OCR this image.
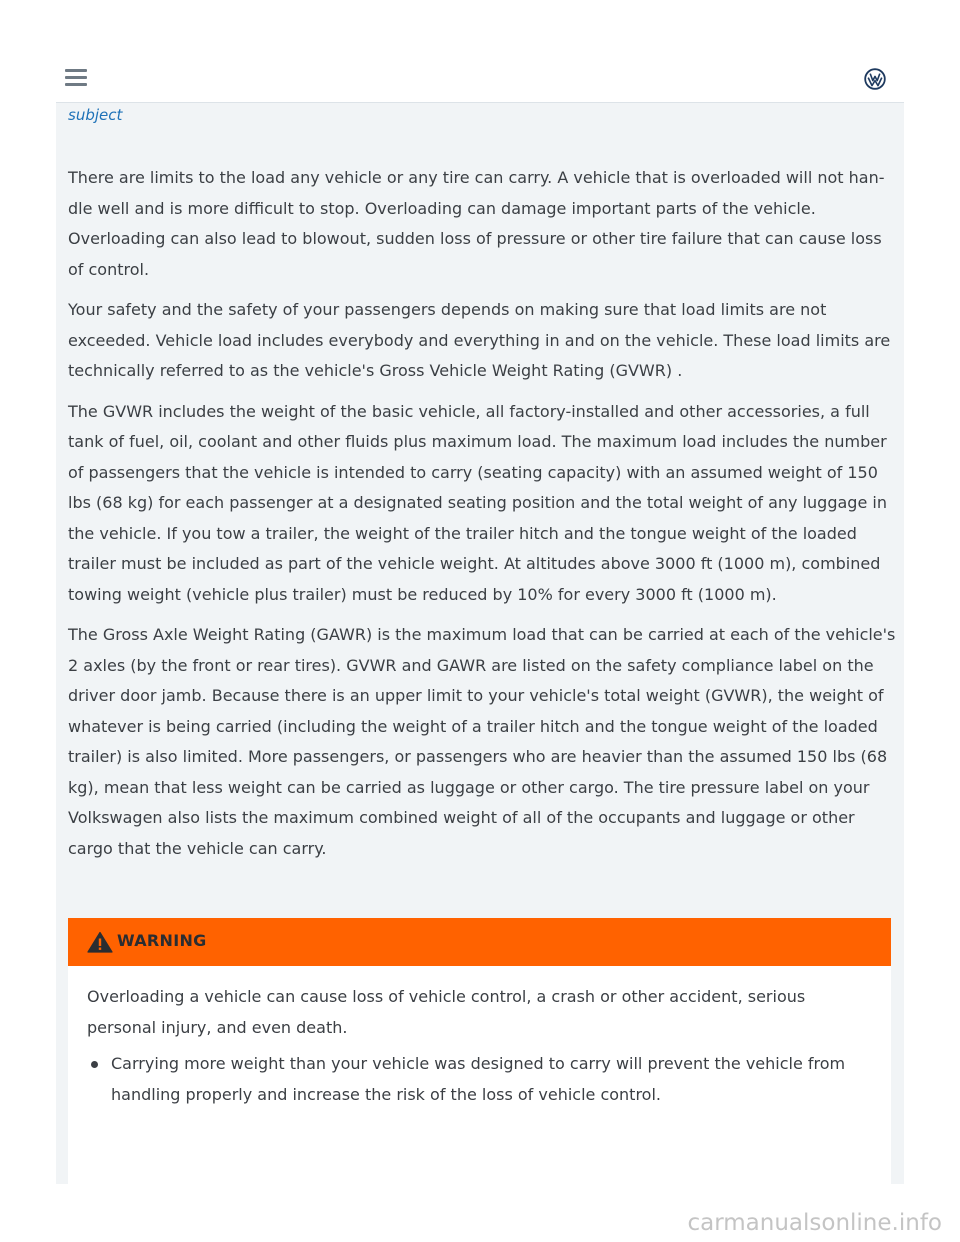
subject

There are limits to the load any vehicle or any tire can carry. A vehicle that is overloaded will not handle well and is more difficult to stop. Overloading can damage important parts of the vehicle. Overloading can also lead to blowout, sudden loss of pressure or other tire failure that can cause loss of control.

Your safety and the safety of your passengers depends on making sure that load limits are not exceeded. Vehicle load includes everybody and everything in and on the vehicle. These load limits are technically referred to as the vehicle's Gross Vehicle Weight Rating (GVWR) .

The GVWR includes the weight of the basic vehicle, all factory-installed and other accessories, a full tank of fuel, oil, coolant and other fluids plus maximum load. The maximum load includes the number of passengers that the vehicle is intended to carry (seating capacity) with an assumed weight of 150 lbs (68 kg) for each passenger at a designated seating position and the total weight of any luggage in the vehicle. If you tow a trailer, the weight of the trailer hitch and the tongue weight of the loaded trailer must be included as part of the vehicle weight. At altitudes above 3000 ft (1000 m), combined towing weight (vehicle plus trailer) must be reduced by 10% for every 3000 ft (1000 m).

The Gross Axle Weight Rating (GAWR) is the maximum load that can be carried at each of the vehicle's 2 axles (by the front or rear tires). GVWR and GAWR are listed on the safety compliance label on the driver door jamb. Because there is an upper limit to your vehicle's total weight (GVWR), the weight of whatever is being carried (including the weight of a trailer hitch and the tongue weight of the loaded trailer) is also limited. More passengers, or passengers who are heavier than the assumed 150 lbs (68 kg), mean that less weight can be carried as luggage or other cargo. The tire pressure label on your Volkswagen also lists the maximum combined weight of all of the occupants and luggage or other cargo that the vehicle can carry.

WARNING

Overloading a vehicle can cause loss of vehicle control, a crash or other accident, serious personal injury, and even death.

Carrying more weight than your vehicle was designed to carry will prevent the vehicle from handling properly and increase the risk of the loss of vehicle control.
carmanualsonline.info
